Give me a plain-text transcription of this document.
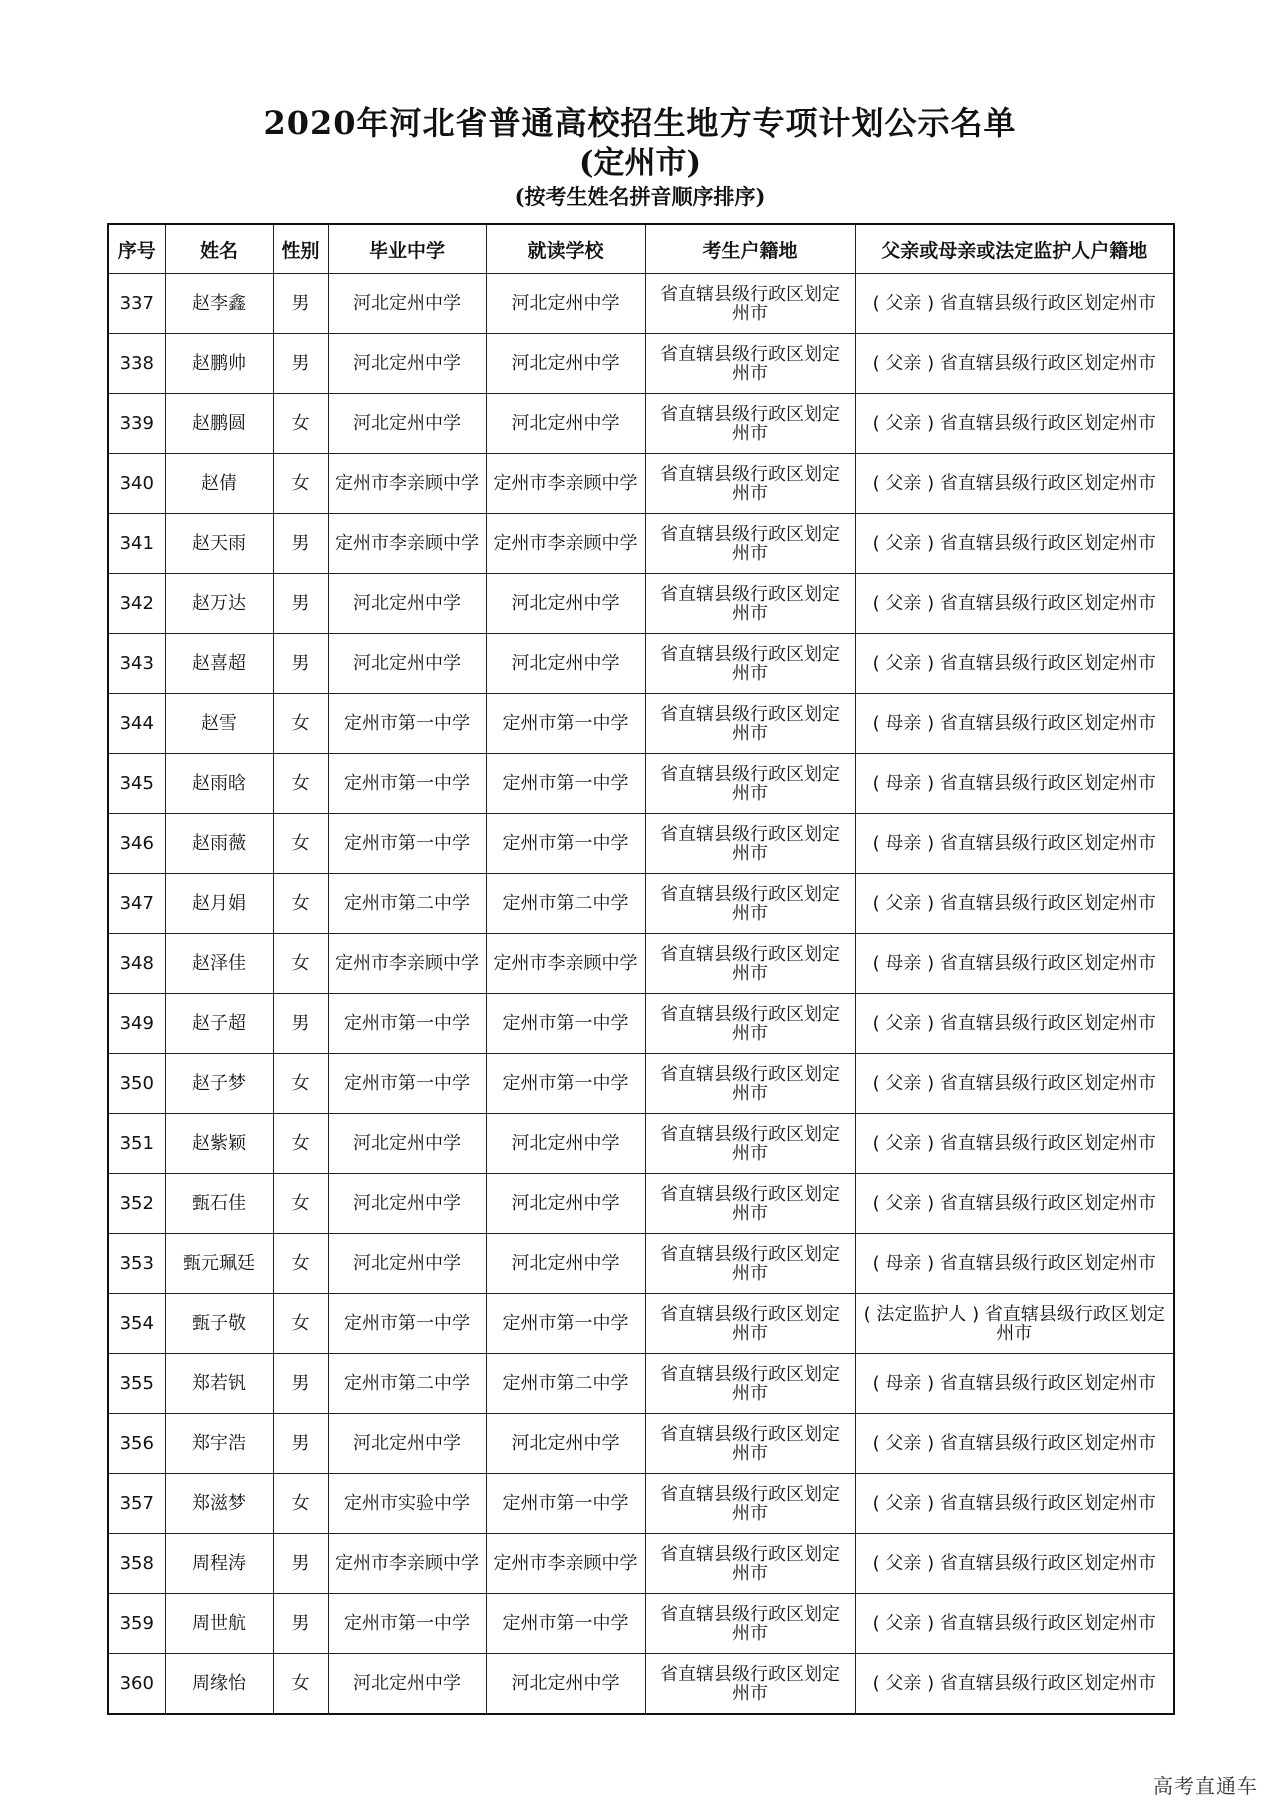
2020年河北省普通高校招生地方专项计划公示名单
(定州市)
(按考生姓名拼音顺序排序)
序号	姓名	性别	毕业中学	就读学校	考生户籍地	父亲或母亲或法定监护人户籍地
337	赵李鑫	男	河北定州中学	河北定州中学	省直辖县级行政区划定州市	( 父亲 ) 省直辖县级行政区划定州市
338	赵鹏帅	男	河北定州中学	河北定州中学	省直辖县级行政区划定州市	( 父亲 ) 省直辖县级行政区划定州市
339	赵鹏圆	女	河北定州中学	河北定州中学	省直辖县级行政区划定州市	( 父亲 ) 省直辖县级行政区划定州市
340	赵倩	女	定州市李亲顾中学	定州市李亲顾中学	省直辖县级行政区划定州市	( 父亲 ) 省直辖县级行政区划定州市
341	赵天雨	男	定州市李亲顾中学	定州市李亲顾中学	省直辖县级行政区划定州市	( 父亲 ) 省直辖县级行政区划定州市
342	赵万达	男	河北定州中学	河北定州中学	省直辖县级行政区划定州市	( 父亲 ) 省直辖县级行政区划定州市
343	赵喜超	男	河北定州中学	河北定州中学	省直辖县级行政区划定州市	( 父亲 ) 省直辖县级行政区划定州市
344	赵雪	女	定州市第一中学	定州市第一中学	省直辖县级行政区划定州市	( 母亲 ) 省直辖县级行政区划定州市
345	赵雨晗	女	定州市第一中学	定州市第一中学	省直辖县级行政区划定州市	( 母亲 ) 省直辖县级行政区划定州市
346	赵雨薇	女	定州市第一中学	定州市第一中学	省直辖县级行政区划定州市	( 母亲 ) 省直辖县级行政区划定州市
347	赵月娟	女	定州市第二中学	定州市第二中学	省直辖县级行政区划定州市	( 父亲 ) 省直辖县级行政区划定州市
348	赵泽佳	女	定州市李亲顾中学	定州市李亲顾中学	省直辖县级行政区划定州市	( 母亲 ) 省直辖县级行政区划定州市
349	赵子超	男	定州市第一中学	定州市第一中学	省直辖县级行政区划定州市	( 父亲 ) 省直辖县级行政区划定州市
350	赵子梦	女	定州市第一中学	定州市第一中学	省直辖县级行政区划定州市	( 父亲 ) 省直辖县级行政区划定州市
351	赵紫颖	女	河北定州中学	河北定州中学	省直辖县级行政区划定州市	( 父亲 ) 省直辖县级行政区划定州市
352	甄石佳	女	河北定州中学	河北定州中学	省直辖县级行政区划定州市	( 父亲 ) 省直辖县级行政区划定州市
353	甄元珮廷	女	河北定州中学	河北定州中学	省直辖县级行政区划定州市	( 母亲 ) 省直辖县级行政区划定州市
354	甄子敬	女	定州市第一中学	定州市第一中学	省直辖县级行政区划定州市	( 法定监护人 ) 省直辖县级行政区划定州市
355	郑若钒	男	定州市第二中学	定州市第二中学	省直辖县级行政区划定州市	( 母亲 ) 省直辖县级行政区划定州市
356	郑宇浩	男	河北定州中学	河北定州中学	省直辖县级行政区划定州市	( 父亲 ) 省直辖县级行政区划定州市
357	郑滋梦	女	定州市实验中学	定州市第一中学	省直辖县级行政区划定州市	( 父亲 ) 省直辖县级行政区划定州市
358	周程涛	男	定州市李亲顾中学	定州市李亲顾中学	省直辖县级行政区划定州市	( 父亲 ) 省直辖县级行政区划定州市
359	周世航	男	定州市第一中学	定州市第一中学	省直辖县级行政区划定州市	( 父亲 ) 省直辖县级行政区划定州市
360	周缘怡	女	河北定州中学	河北定州中学	省直辖县级行政区划定州市	( 父亲 ) 省直辖县级行政区划定州市
高考直通车
